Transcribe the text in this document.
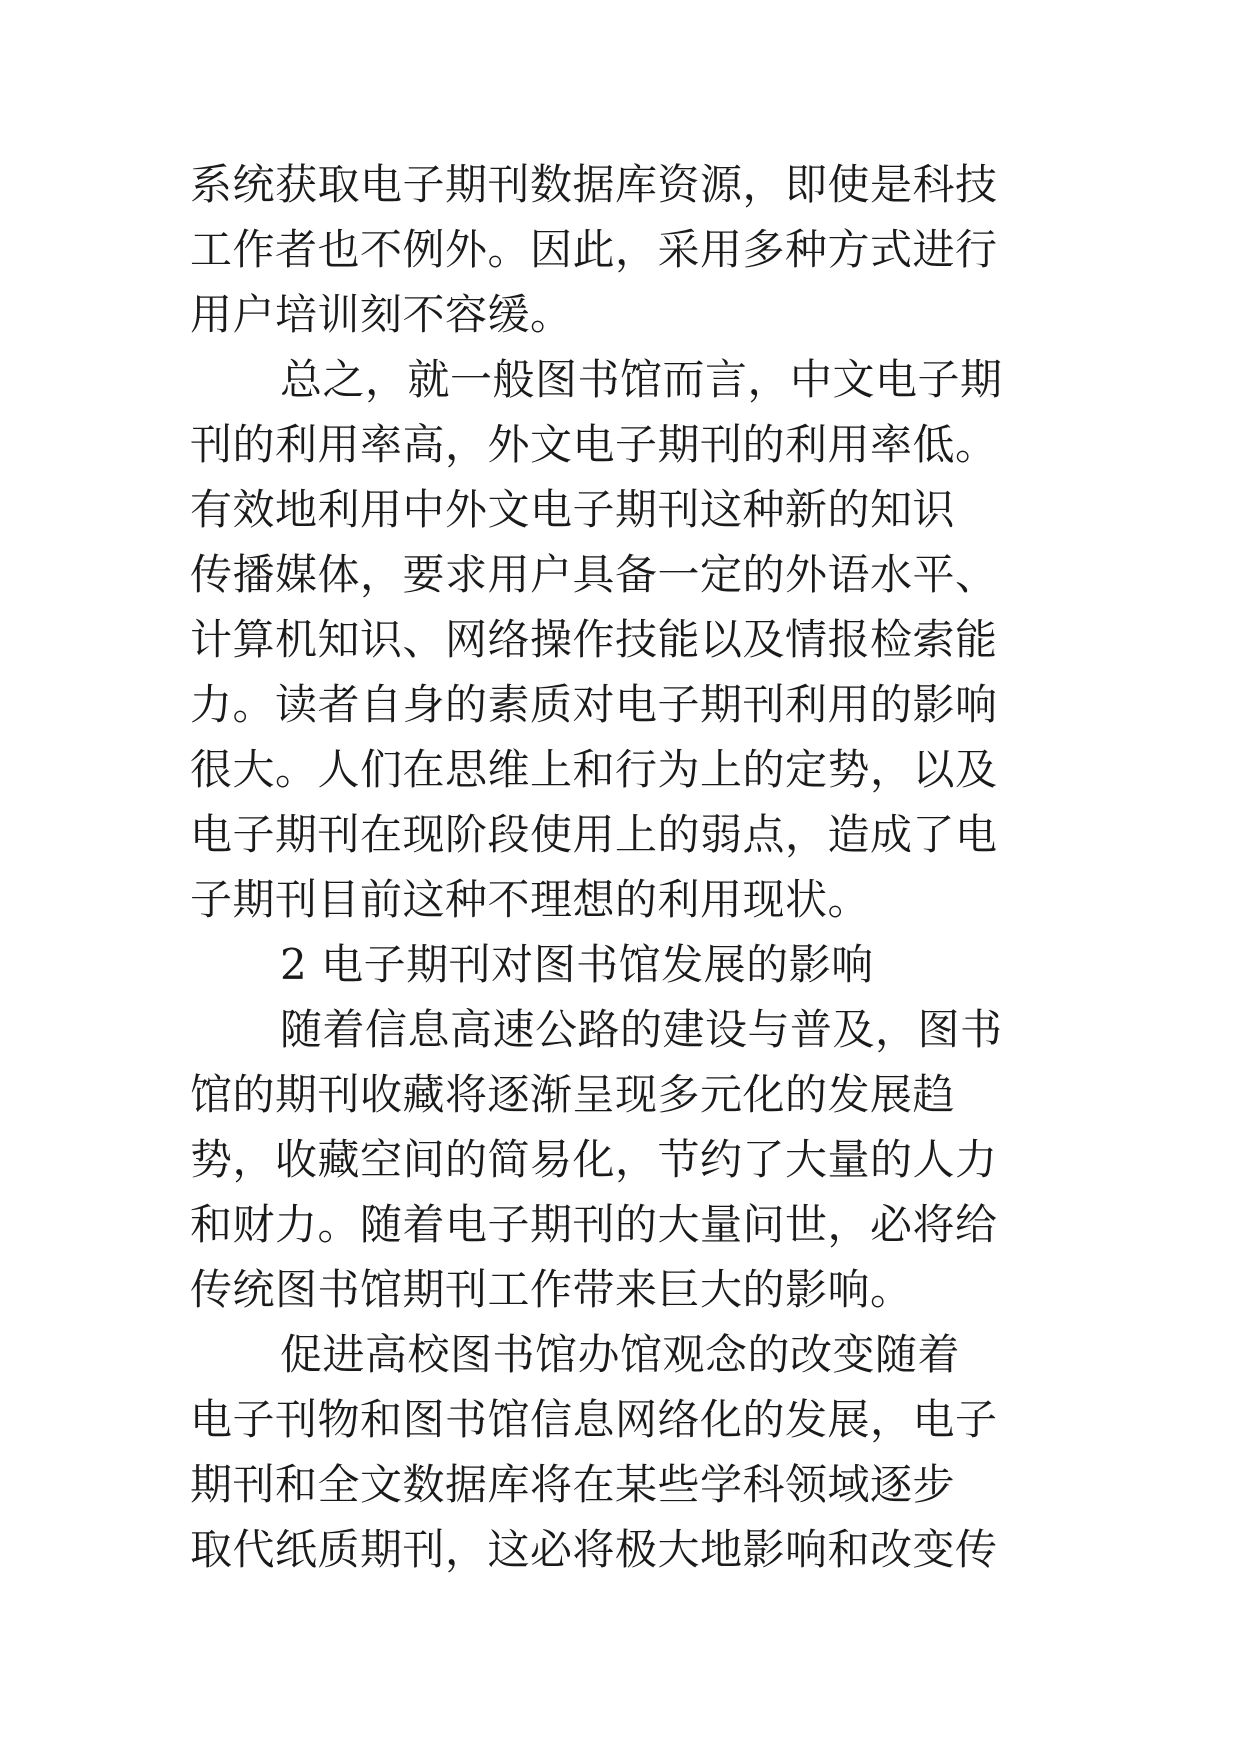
系统获取电子期刊数据库资源，即使是科技
工作者也不例外。因此，采用多种方式进行
用户培训刻不容缓。
总之，就一般图书馆而言，中文电子期
刊的利用率高，外文电子期刊的利用率低。
有效地利用中外文电子期刊这种新的知识
传播媒体，要求用户具备一定的外语水平、
计算机知识、网络操作技能以及情报检索能
力。读者自身的素质对电子期刊利用的影响
很大。人们在思维上和行为上的定势，以及
电子期刊在现阶段使用上的弱点，造成了电
子期刊目前这种不理想的利用现状。
2 电子期刊对图书馆发展的影响
随着信息高速公路的建设与普及，图书
馆的期刊收藏将逐渐呈现多元化的发展趋
势，收藏空间的简易化，节约了大量的人力
和财力。随着电子期刊的大量问世，必将给
传统图书馆期刊工作带来巨大的影响。
促进高校图书馆办馆观念的改变随着
电子刊物和图书馆信息网络化的发展，电子
期刊和全文数据库将在某些学科领域逐步
取代纸质期刊，这必将极大地影响和改变传
